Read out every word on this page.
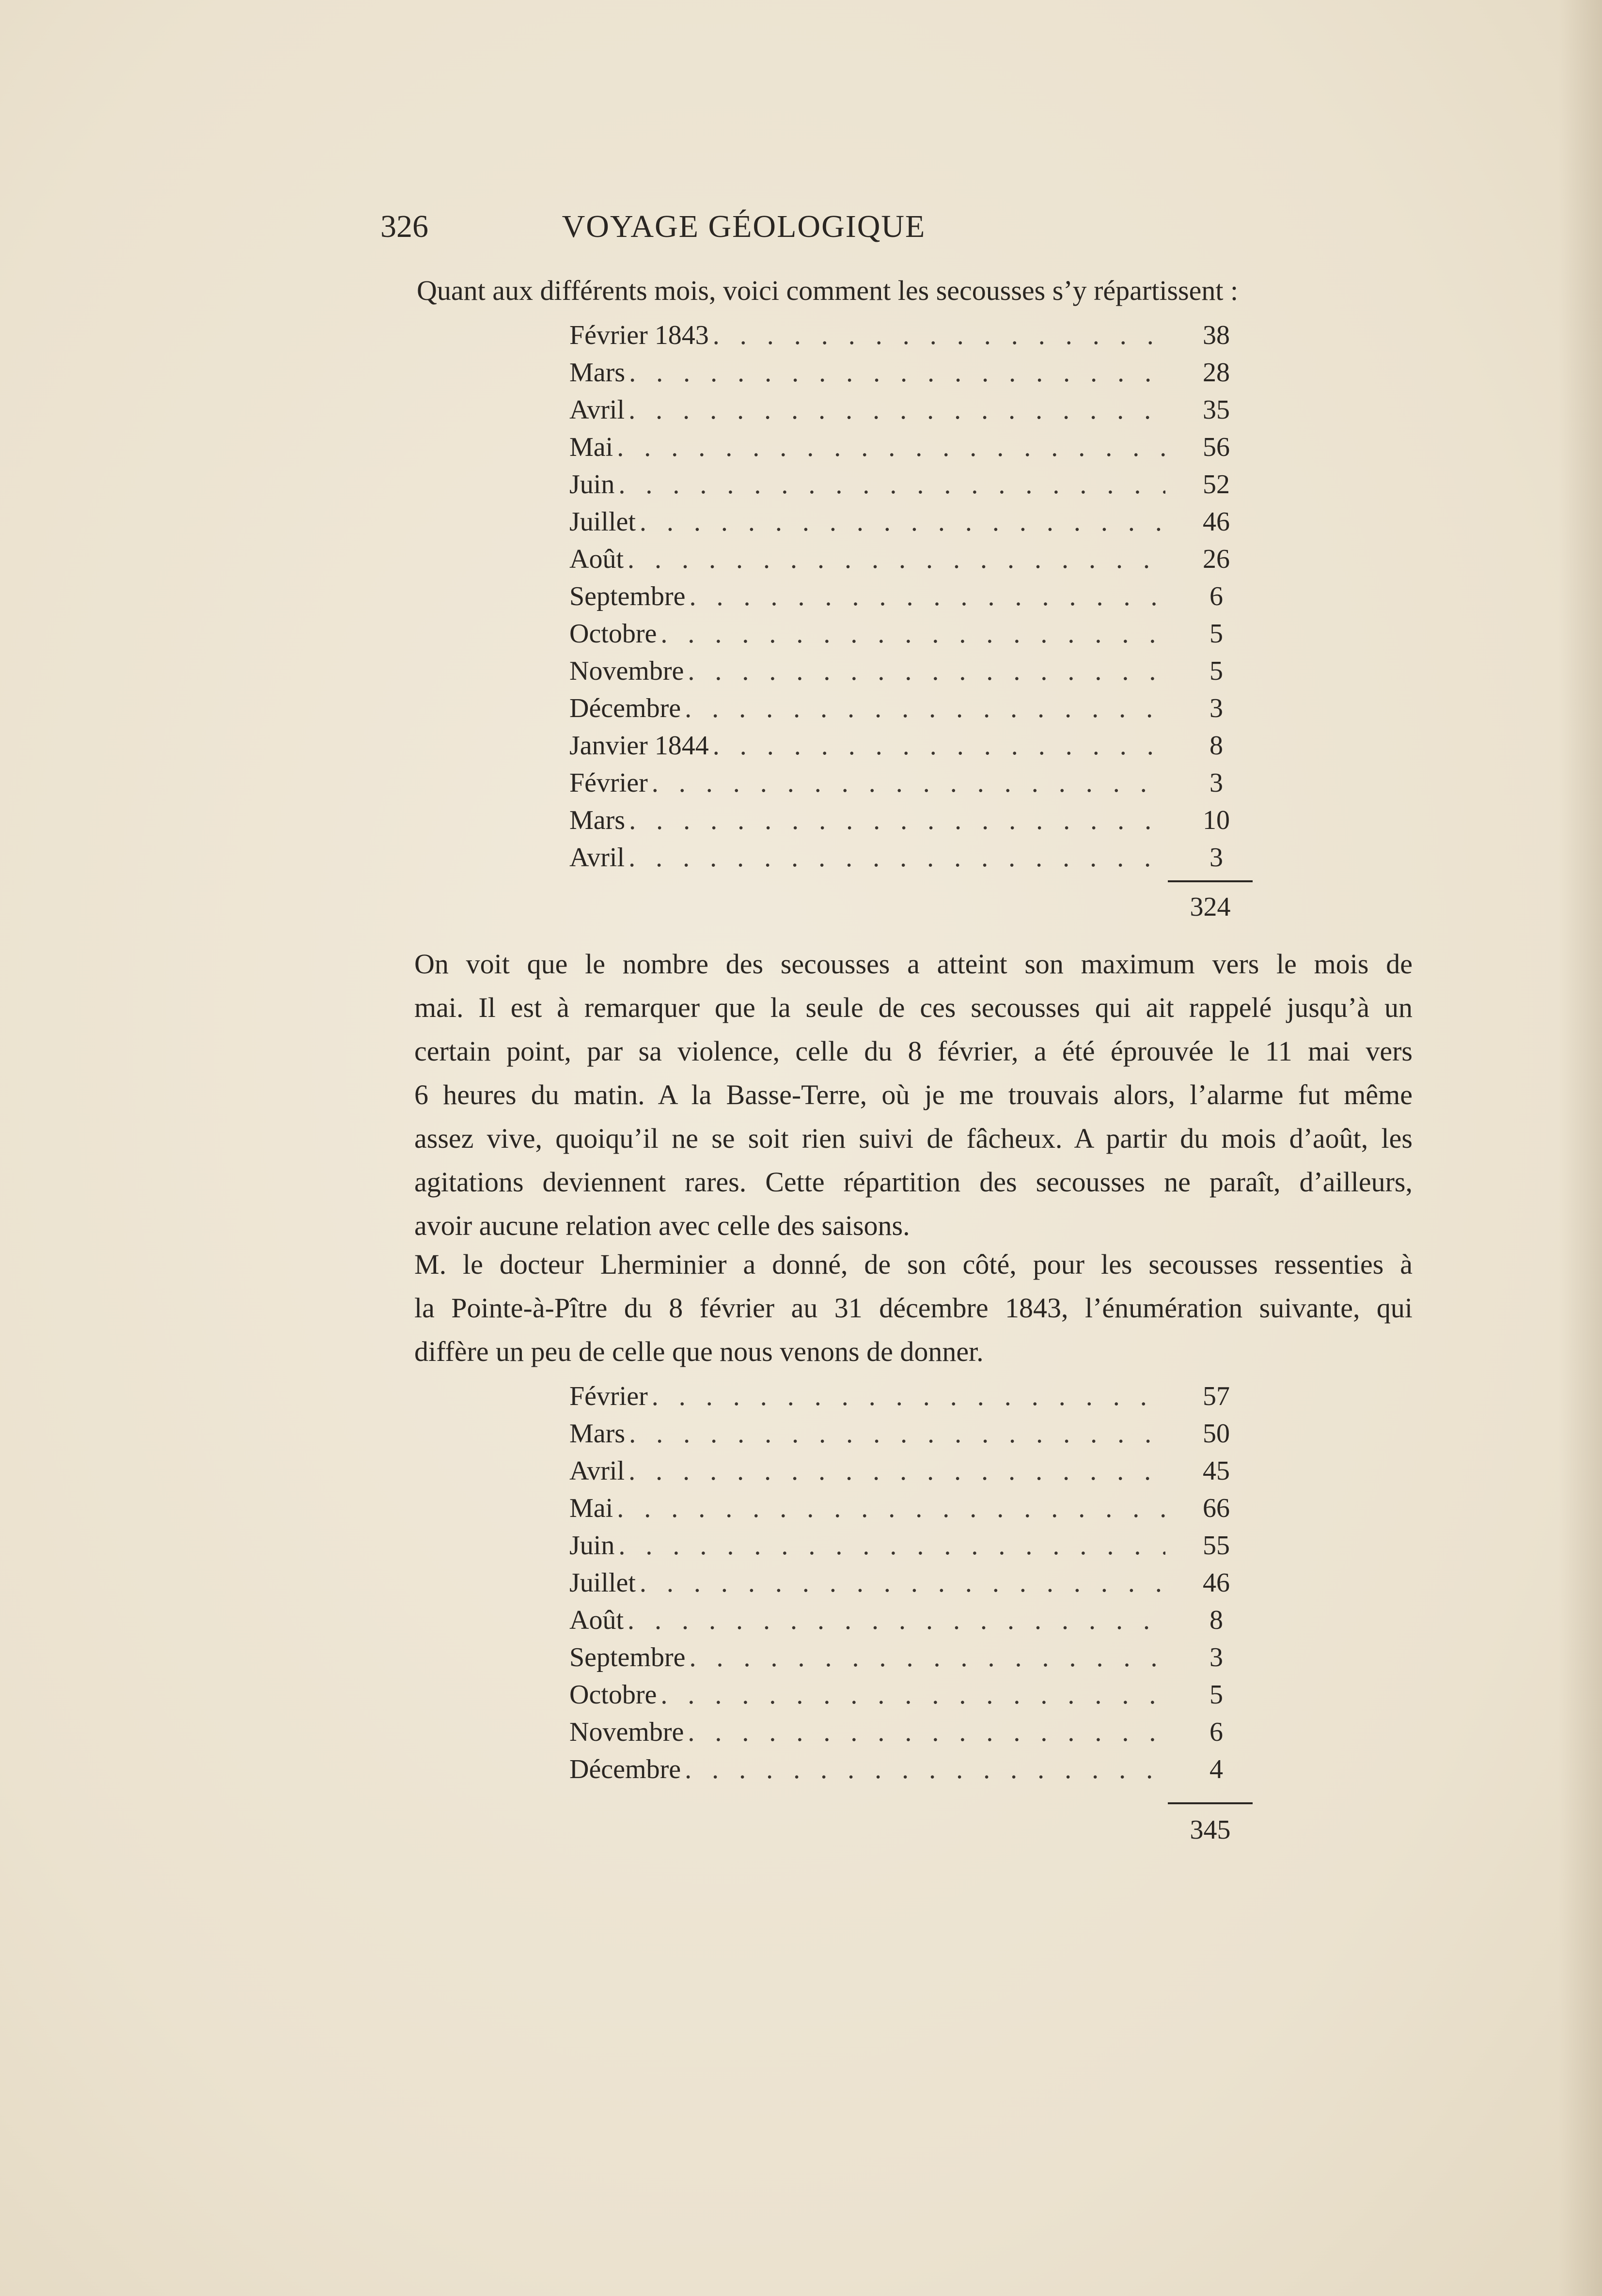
326	VOYAGE GÉOLOGIQUE
Quant aux différents mois, voici comment les secousses s’y répartissent :
Février 1843 . . .	38
Mars . . .	28
Avril . . .	35
Mai . . .	56
Juin . . .	52
Juillet . . .	46
Août . . .	26
Septembre . . .	6
Octobre . . .	5
Novembre . . .	5
Décembre . . .	3
Janvier 1844 . . .	8
Février . . .	3
Mars . . .	10
Avril . . .	3
324
On voit que le nombre des secousses a atteint son maximum vers le mois de
mai. Il est à remarquer que la seule de ces secousses qui ait rappelé jusqu’à un
certain point, par sa violence, celle du 8 février, a été éprouvée le 11 mai vers
6 heures du matin. A la Basse-Terre, où je me trouvais alors, l’alarme fut même
assez vive, quoiqu’il ne se soit rien suivi de fâcheux. A partir du mois d’août, les
agitations deviennent rares. Cette répartition des secousses ne paraît, d’ailleurs,
avoir aucune relation avec celle des saisons.
M. le docteur Lherminier a donné, de son côté, pour les secousses ressenties à
la Pointe-à-Pître du 8 février au 31 décembre 1843, l’énumération suivante, qui
diffère un peu de celle que nous venons de donner.
Février . . .	57
Mars . . .	50
Avril . . .	45
Mai . . .	66
Juin . . .	55
Juillet . . .	46
Août . . .	8
Septembre . . .	3
Octobre . . .	5
Novembre . . .	6
Décembre . . .	4
345
